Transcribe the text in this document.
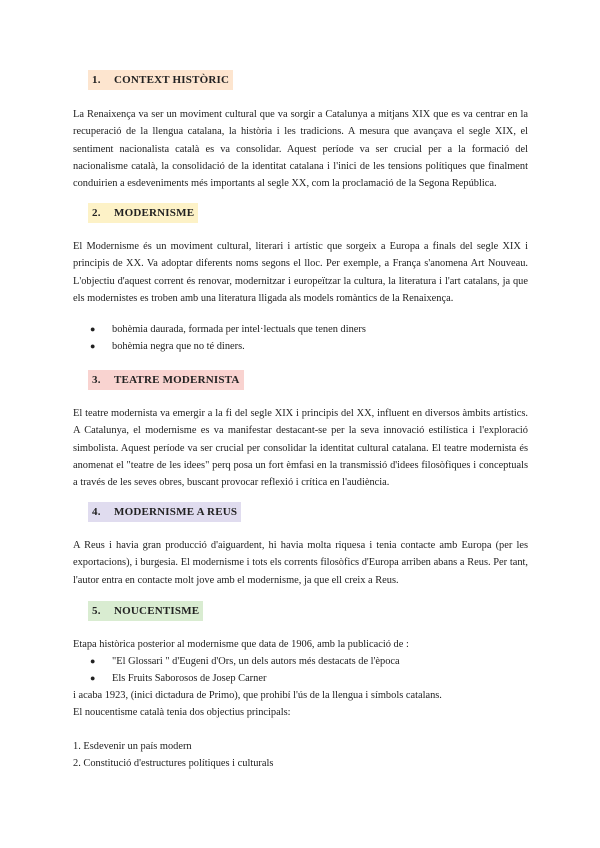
1. CONTEXT HISTÒRIC

La Renaixença va ser un moviment cultural que va sorgir a Catalunya a mitjans XIX que es va centrar en la recuperació de la llengua catalana, la història i les tradicions. A mesura que avançava el segle XIX, el sentiment nacionalista català es va consolidar. Aquest període va ser crucial per a la formació del nacionalisme català, la consolidació de la identitat catalana i l'inici de les tensions polítiques que finalment conduirien a esdeveniments més importants al segle XX, com la proclamació de la Segona República.

2. MODERNISME

El Modernisme és un moviment cultural, literari i artístic que sorgeix a Europa a finals del segle XIX i principis de XX. Va adoptar diferents noms segons el lloc. Per exemple, a França s'anomena Art Nouveau. L'objectiu d'aquest corrent és renovar, modernitzar i europeïtzar la cultura, la literatura i l'art catalans, ja que els modernistes es troben amb una literatura lligada als models romàntics de la Renaixença.

● bohèmia daurada, formada per intel·lectuals que tenen diners
● bohèmia negra que no té diners.
3. TEATRE MODERNISTA

El teatre modernista va emergir a la fi del segle XIX i principis del XX, influent en diversos àmbits artístics. A Catalunya, el modernisme es va manifestar destacant-se per la seva innovació estilística i l'exploració simbolista. Aquest període va ser crucial per consolidar la identitat cultural catalana. El teatre modernista és anomenat el "teatre de les idees" perq posa un fort èmfasi en la transmissió d'idees filosòfiques i conceptuals a través de les seves obres, buscant provocar reflexió i crítica en l'audiència.

4. MODERNISME A REUS

A Reus i havia gran producció d'aiguardent, hi havia molta riquesa i tenia contacte amb Europa (per les exportacions), i burgesia. El modernisme i tots els corrents filosòfics d'Europa arriben abans a Reus. Per tant, l'autor entra en contacte molt jove amb el modernisme, ja que ell creix a Reus.

5. NOUCENTISME

Etapa històrica posterior al modernisme que data de 1906, amb la publicació de :

● "El Glossari " d'Eugeni d'Ors, un dels autors més destacats de l'època
● Els Fruits Saborosos de Josep Carner

i acaba 1923, (inici dictadura de Primo), que prohibí l'ús de la llengua i símbols catalans.

El noucentisme català tenia dos objectius principals:

1. Esdevenir un país modern

2. Constitució d'estructures polítiques i culturals
